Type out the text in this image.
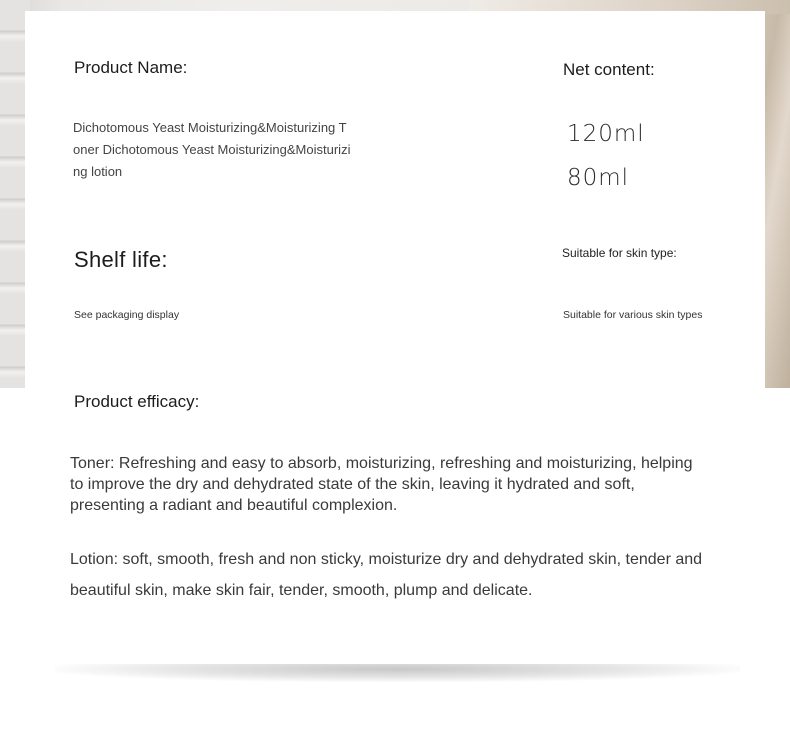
Product Name:

Dichotomous Yeast Moisturizing&Moisturizing Toner Dichotomous Yeast Moisturizing&Moisturizing lotion

Net content:

120ml

80ml

Shelf life:

See packaging display

Suitable for skin type:

Suitable for various skin types

Product efficacy:

Toner: Refreshing and easy to absorb, moisturizing, refreshing and moisturizing, helping to improve the dry and dehydrated state of the skin, leaving it hydrated and soft, presenting a radiant and beautiful complexion.

Lotion: soft, smooth, fresh and non sticky, moisturize dry and dehydrated skin, tender and beautiful skin, make skin fair, tender, smooth, plump and delicate.
